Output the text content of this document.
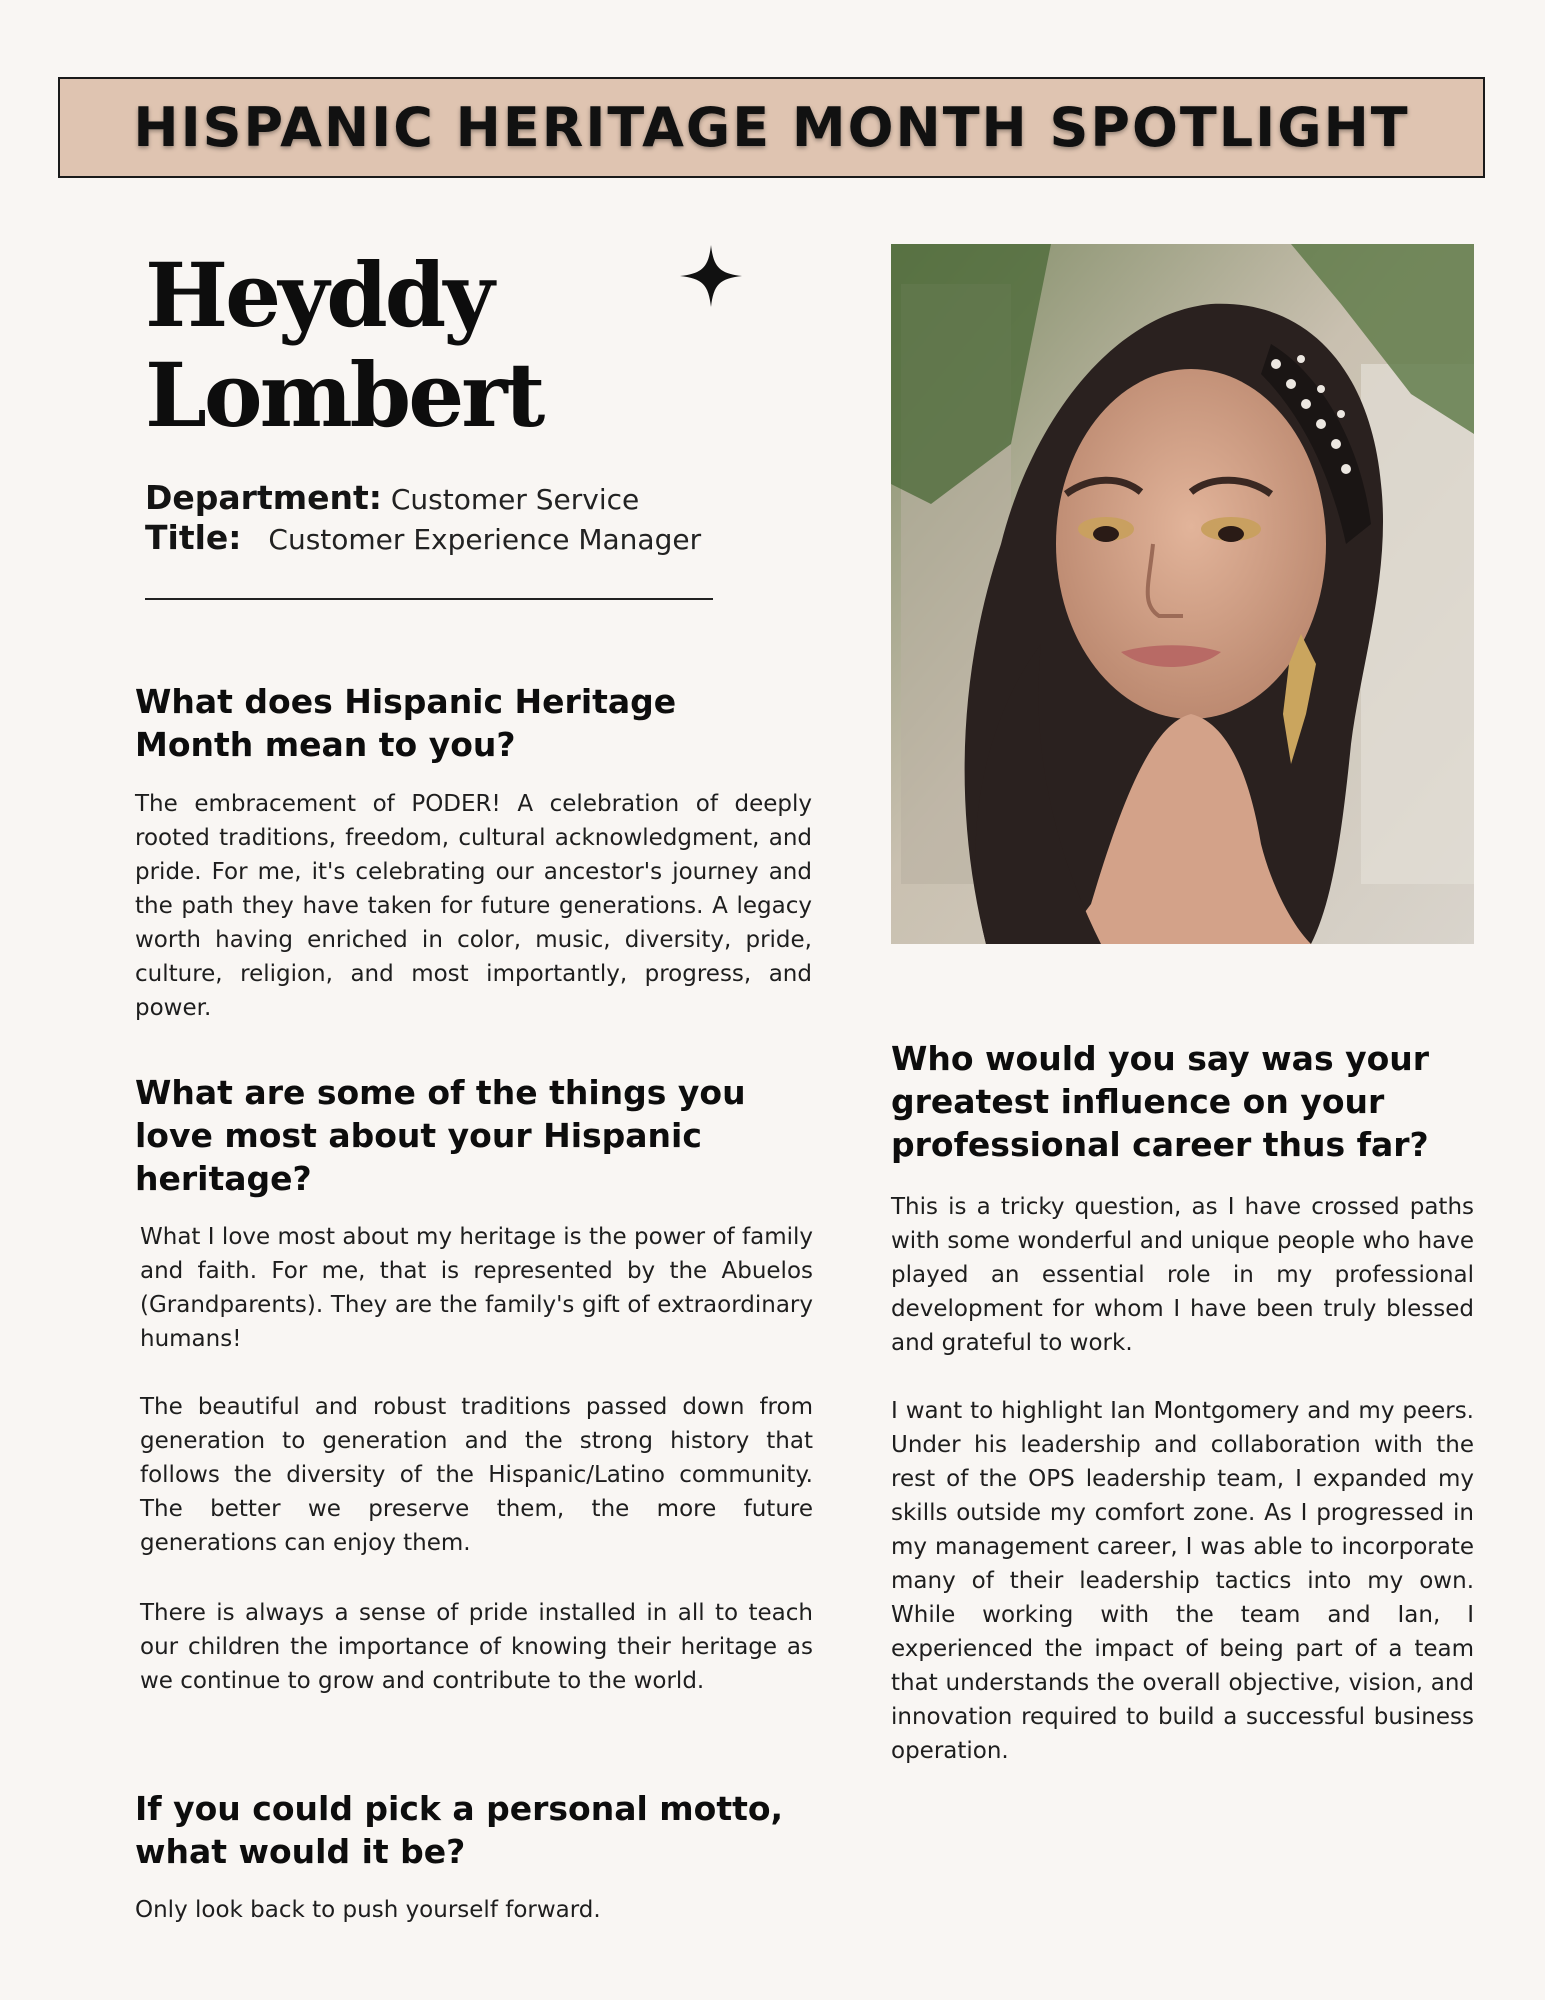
HISPANIC HERITAGE MONTH SPOTLIGHT
Heyddy
Lombert
Department: Customer Service
Title: Customer Experience Manager
What does Hispanic Heritage Month mean to you?

The embracement of PODER! A celebration of deeply rooted traditions, freedom, cultural acknowledgment, and pride. For me, it's celebrating our ancestor's journey and the path they have taken for future generations. A legacy worth having enriched in color, music, diversity, pride, culture, religion, and most importantly, progress, and power.

What are some of the things you love most about your Hispanic heritage?

What I love most about my heritage is the power of family and faith. For me, that is represented by the Abuelos (Grandparents). They are the family's gift of extraordinary humans!

The beautiful and robust traditions passed down from generation to generation and the strong history that follows the diversity of the Hispanic/Latino community. The better we preserve them, the more future generations can enjoy them.

There is always a sense of pride installed in all to teach our children the importance of knowing their heritage as we continue to grow and contribute to the world.

If you could pick a personal motto, what would it be?

Only look back to push yourself forward.

Who would you say was your greatest influence on your professional career thus far?

This is a tricky question, as I have crossed paths with some wonderful and unique people who have played an essential role in my professional development for whom I have been truly blessed and grateful to work.

I want to highlight Ian Montgomery and my peers. Under his leadership and collaboration with the rest of the OPS leadership team, I expanded my skills outside my comfort zone. As I progressed in my management career, I was able to incorporate many of their leadership tactics into my own. While working with the team and Ian, I experienced the impact of being part of a team that understands the overall objective, vision, and innovation required to build a successful business operation.
